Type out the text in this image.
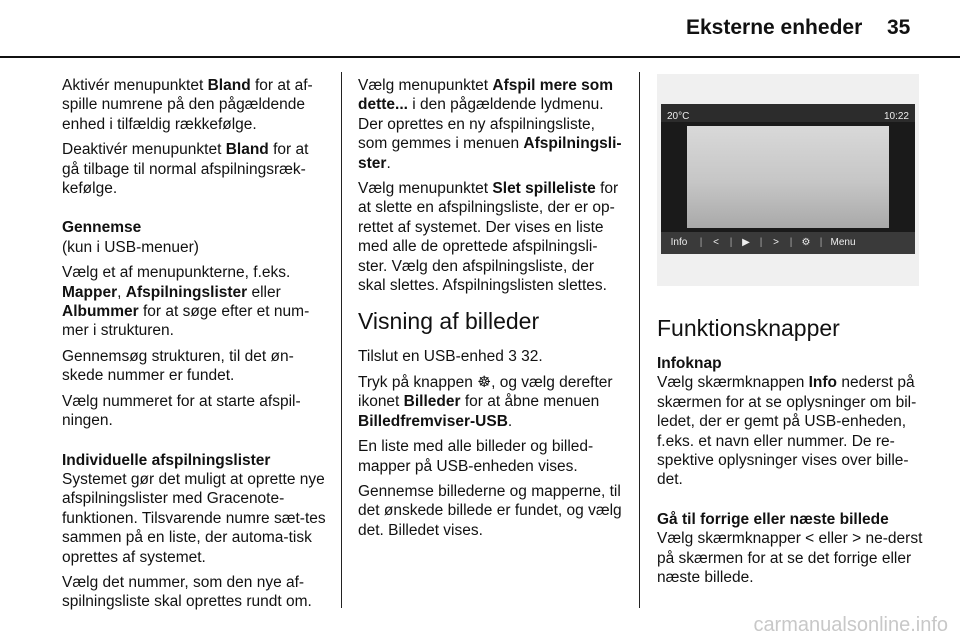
Eksterne enheder 35

Aktivér menupunktet Bland for at af-spille numrene på den pågældende enhed i tilfældig rækkefølge.

Deaktivér menupunktet Bland for at gå tilbage til normal afspilningsræk-kefølge.

Gennemse

(kun i USB-menuer)

Vælg et af menupunkterne, f.eks. Mapper, Afspilningslister eller Albummer for at søge efter et num-mer i strukturen.

Gennemsøg strukturen, til det øn-skede nummer er fundet.

Vælg nummeret for at starte afspil-ningen.

Individuelle afspilningslister

Systemet gør det muligt at oprette nye afspilningslister med Gracenote-funktionen. Tilsvarende numre sæt-tes sammen på en liste, der automa-tisk oprettes af systemet.

Vælg det nummer, som den nye af-spilningsliste skal oprettes rundt om.

Vælg menupunktet Afspil mere som dette... i den pågældende lydmenu. Der oprettes en ny afspilningsliste, som gemmes i menuen Afspilningsli-ster.

Vælg menupunktet Slet spilleliste for at slette en afspilningsliste, der er op-rettet af systemet. Der vises en liste med alle de oprettede afspilningsli-ster. Vælg den afspilningsliste, der skal slettes. Afspilningslisten slettes.

Visning af billeder

Tilslut en USB-enhed 3 32.

Tryk på knappen ☸, og vælg derefter ikonet Billeder for at åbne menuen Billedfremviser-USB.

En liste med alle billeder og billed-mapper på USB-enheden vises.

Gennemse billederne og mapperne, til det ønskede billede er fundet, og vælg det. Billedet vises.

20°C	10:22
Info	|	<	| ▶ |	>	| ⚙ | Menu
Funktionsknapper

Infoknap

Vælg skærmknappen Info nederst på skærmen for at se oplysninger om bil-ledet, der er gemt på USB-enheden, f.eks. et navn eller nummer. De re-spektive oplysninger vises over bille-det.

Gå til forrige eller næste billede

Vælg skærmknapper < eller > ne-derst på skærmen for at se det forrige eller næste billede.

carmanualsonline.info
